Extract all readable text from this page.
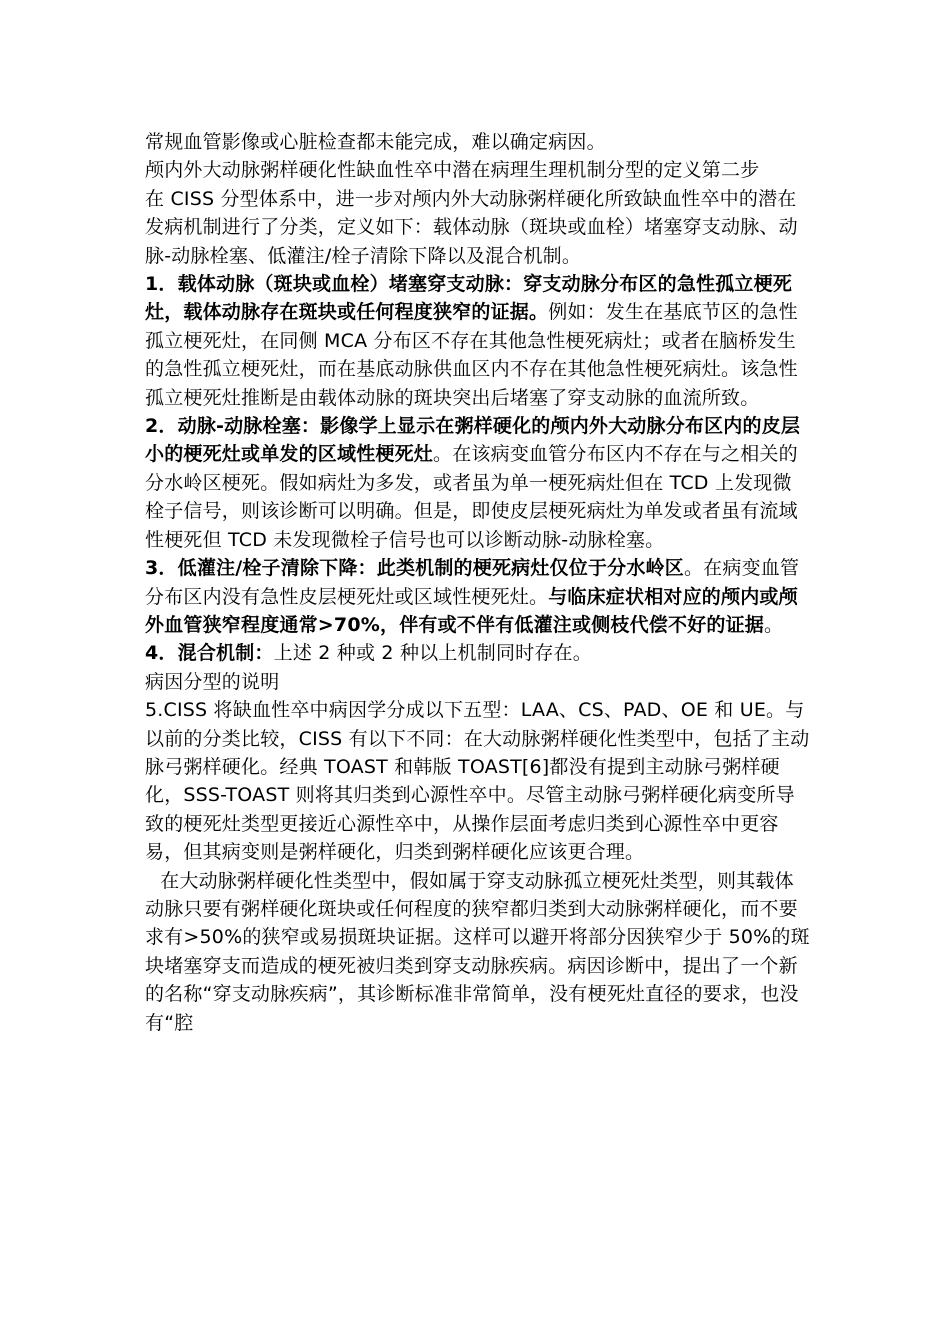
常规血管影像或心脏检查都未能完成，难以确定病因。

颅内外大动脉粥样硬化性缺血性卒中潜在病理生理机制分型的定义第二步

在 CISS 分型体系中，进一步对颅内外大动脉粥样硬化所致缺血性卒中的潜在发病机制进行了分类，定义如下：载体动脉（斑块或血栓）堵塞穿支动脉、动脉-动脉栓塞、低灌注/栓子清除下降以及混合机制。

1．载体动脉（斑块或血栓）堵塞穿支动脉：穿支动脉分布区的急性孤立梗死灶，载体动脉存在斑块或任何程度狭窄的证据。例如：发生在基底节区的急性孤立梗死灶，在同侧 MCA 分布区不存在其他急性梗死病灶；或者在脑桥发生的急性孤立梗死灶，而在基底动脉供血区内不存在其他急性梗死病灶。该急性孤立梗死灶推断是由载体动脉的斑块突出后堵塞了穿支动脉的血流所致。

2．动脉-动脉栓塞：影像学上显示在粥样硬化的颅内外大动脉分布区内的皮层小的梗死灶或单发的区域性梗死灶。在该病变血管分布区内不存在与之相关的分水岭区梗死。假如病灶为多发，或者虽为单一梗死病灶但在 TCD 上发现微栓子信号，则该诊断可以明确。但是，即使皮层梗死病灶为单发或者虽有流域性梗死但 TCD 未发现微栓子信号也可以诊断动脉-动脉栓塞。

3．低灌注/栓子清除下降：此类机制的梗死病灶仅位于分水岭区。在病变血管分布区内没有急性皮层梗死灶或区域性梗死灶。与临床症状相对应的颅内或颅外血管狭窄程度通常>70%，伴有或不伴有低灌注或侧枝代偿不好的证据。

4．混合机制：上述 2 种或 2 种以上机制同时存在。

病因分型的说明

5.CISS 将缺血性卒中病因学分成以下五型：LAA、CS、PAD、OE 和 UE。与以前的分类比较，CISS 有以下不同：在大动脉粥样硬化性类型中，包括了主动脉弓粥样硬化。经典 TOAST 和韩版 TOAST[6]都没有提到主动脉弓粥样硬化，SSS-TOAST 则将其归类到心源性卒中。尽管主动脉弓粥样硬化病变所导致的梗死灶类型更接近心源性卒中，从操作层面考虑归类到心源性卒中更容易，但其病变则是粥样硬化，归类到粥样硬化应该更合理。

在大动脉粥样硬化性类型中，假如属于穿支动脉孤立梗死灶类型，则其载体动脉只要有粥样硬化斑块或任何程度的狭窄都归类到大动脉粥样硬化，而不要求有>50%的狭窄或易损斑块证据。这样可以避开将部分因狭窄少于 50%的斑块堵塞穿支而造成的梗死被归类到穿支动脉疾病。病因诊断中，提出了一个新的名称“穿支动脉疾病”，其诊断标准非常简单，没有梗死灶直径的要求，也没有“腔
